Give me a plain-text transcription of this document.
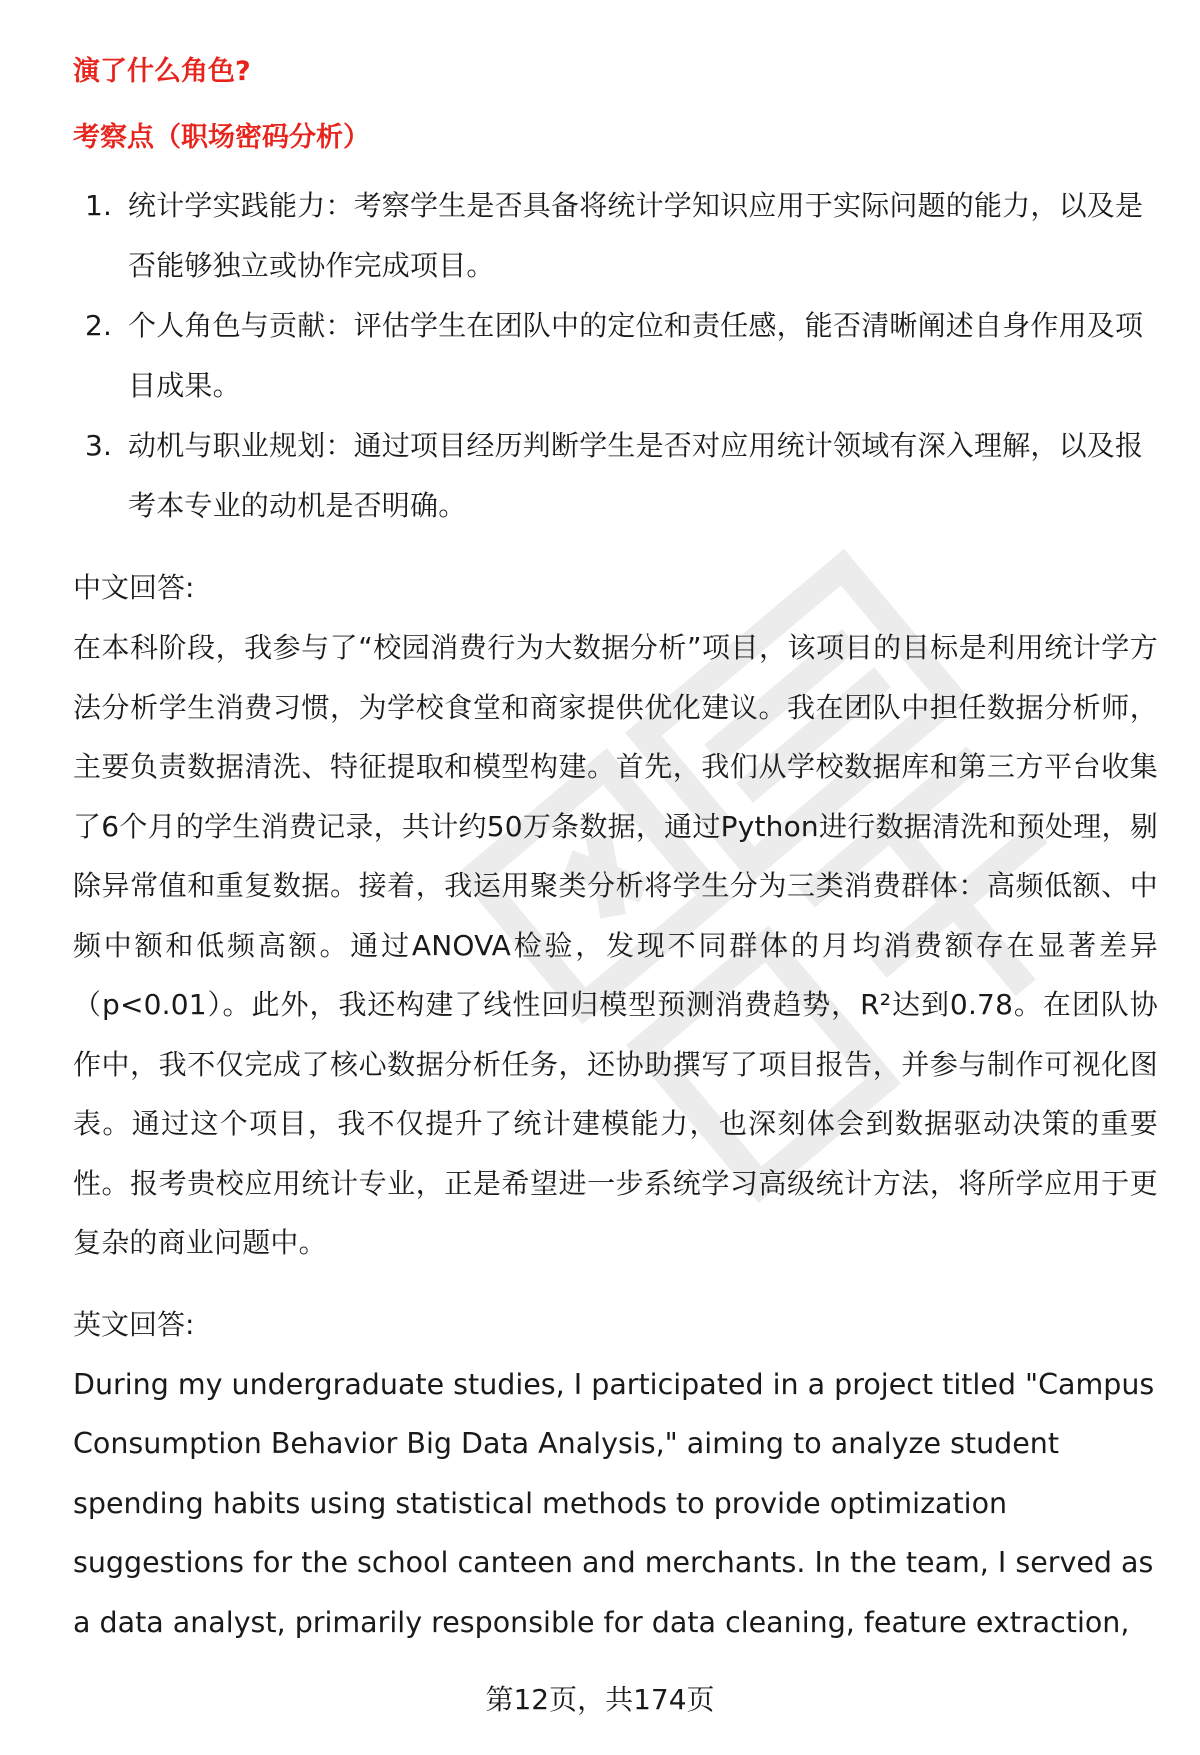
演了什么角色?
考察点（职场密码分析）
1. 统计学实践能力：考察学生是否具备将统计学知识应用于实际问题的能力，以及是否能够独立或协作完成项目。
2. 个人角色与贡献：评估学生在团队中的定位和责任感，能否清晰阐述自身作用及项目成果。
3. 动机与职业规划：通过项目经历判断学生是否对应用统计领域有深入理解，以及报考本专业的动机是否明确。

中文回答:

在本科阶段，我参与了“校园消费行为大数据分析”项目，该项目的目标是利用统计学方法分析学生消费习惯，为学校食堂和商家提供优化建议。我在团队中担任数据分析师，主要负责数据清洗、特征提取和模型构建。首先，我们从学校数据库和第三方平台收集了6个月的学生消费记录，共计约50万条数据，通过Python进行数据清洗和预处理，剔除异常值和重复数据。接着，我运用聚类分析将学生分为三类消费群体：高频低额、中频中额和低频高额。通过ANOVA检验，发现不同群体的月均消费额存在显著差异（p<0.01）。此外，我还构建了线性回归模型预测消费趋势，R²达到0.78。在团队协作中，我不仅完成了核心数据分析任务，还协助撰写了项目报告，并参与制作可视化图表。通过这个项目，我不仅提升了统计建模能力，也深刻体会到数据驱动决策的重要性。报考贵校应用统计专业，正是希望进一步系统学习高级统计方法，将所学应用于更复杂的商业问题中。

英文回答:

During my undergraduate studies, I participated in a project titled "Campus Consumption Behavior Big Data Analysis," aiming to analyze student spending habits using statistical methods to provide optimization suggestions for the school canteen and merchants. In the team, I served as a data analyst, primarily responsible for data cleaning, feature extraction,

第12页，共174页
